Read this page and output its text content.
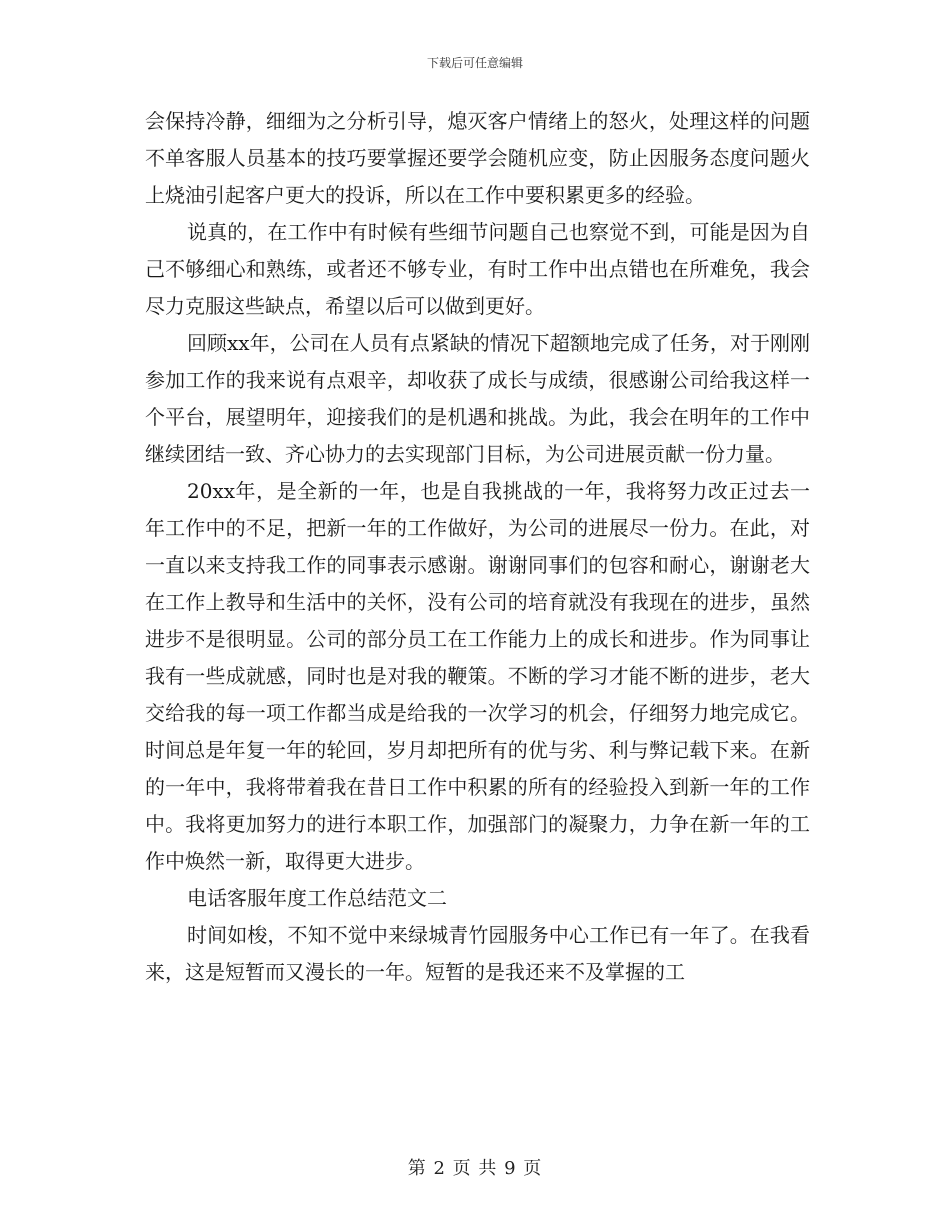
下载后可任意编辑

会保持冷静，细细为之分析引导，熄灭客户情绪上的怒火，处理这样的问题不单客服人员基本的技巧要掌握还要学会随机应变，防止因服务态度问题火上烧油引起客户更大的投诉，所以在工作中要积累更多的经验。

说真的，在工作中有时候有些细节问题自己也察觉不到，可能是因为自己不够细心和熟练，或者还不够专业，有时工作中出点错也在所难免，我会尽力克服这些缺点，希望以后可以做到更好。

回顾xx年，公司在人员有点紧缺的情况下超额地完成了任务，对于刚刚参加工作的我来说有点艰辛，却收获了成长与成绩，很感谢公司给我这样一个平台，展望明年，迎接我们的是机遇和挑战。为此，我会在明年的工作中继续团结一致、齐心协力的去实现部门目标，为公司进展贡献一份力量。

20xx年，是全新的一年，也是自我挑战的一年，我将努力改正过去一年工作中的不足，把新一年的工作做好，为公司的进展尽一份力。在此，对一直以来支持我工作的同事表示感谢。谢谢同事们的包容和耐心，谢谢老大在工作上教导和生活中的关怀，没有公司的培育就没有我现在的进步，虽然进步不是很明显。公司的部分员工在工作能力上的成长和进步。作为同事让我有一些成就感，同时也是对我的鞭策。不断的学习才能不断的进步，老大交给我的每一项工作都当成是给我的一次学习的机会，仔细努力地完成它。时间总是年复一年的轮回，岁月却把所有的优与劣、利与弊记载下来。在新的一年中，我将带着我在昔日工作中积累的所有的经验投入到新一年的工作中。我将更加努力的进行本职工作，加强部门的凝聚力，力争在新一年的工作中焕然一新，取得更大进步。

电话客服年度工作总结范文二

时间如梭，不知不觉中来绿城青竹园服务中心工作已有一年了。在我看来，这是短暂而又漫长的一年。短暂的是我还来不及掌握的工

第 2 页 共 9 页
